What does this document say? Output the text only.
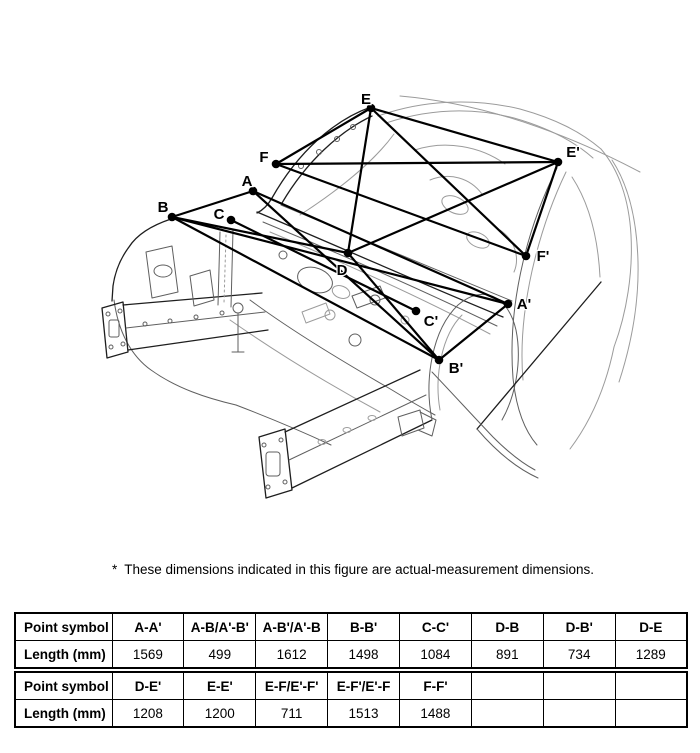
E
F
A
B	C
D
E'
F'
A'
C'
B'
* These dimensions indicated in this figure are actual-measurement dimensions.
Point symbol	A-A'	A-B/A'-B'	A-B'/A'-B	B-B'	C-C'	D-B	D-B'	D-E
Length (mm)	1569	499	1612	1498	1084	891	734	1289
Point symbol	D-E'	E-E'	E-F/E'-F'	E-F'/E'-F	F-F'			
Length (mm)	1208	1200	711	1513	1488			
